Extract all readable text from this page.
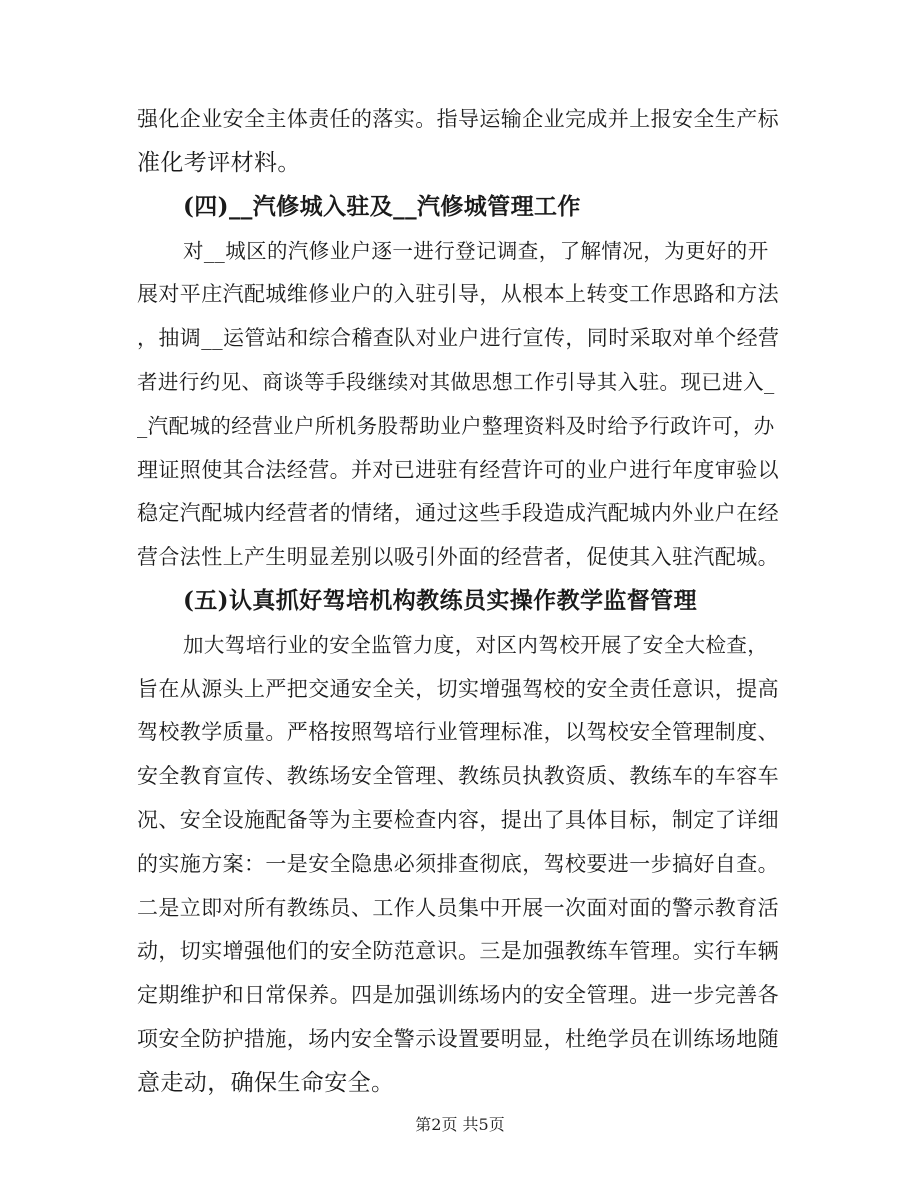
强化企业安全主体责任的落实。指导运输企业完成并上报安全生产标
准化考评材料。
(四)__汽修城入驻及__汽修城管理工作
对__城区的汽修业户逐一进行登记调查，了解情况，为更好的开
展对平庄汽配城维修业户的入驻引导，从根本上转变工作思路和方法
，抽调__运管站和综合稽查队对业户进行宣传，同时采取对单个经营
者进行约见、商谈等手段继续对其做思想工作引导其入驻。现已进入_
_汽配城的经营业户所机务股帮助业户整理资料及时给予行政许可，办
理证照使其合法经营。并对已进驻有经营许可的业户进行年度审验以
稳定汽配城内经营者的情绪，通过这些手段造成汽配城内外业户在经
营合法性上产生明显差别以吸引外面的经营者，促使其入驻汽配城。
(五)认真抓好驾培机构教练员实操作教学监督管理
加大驾培行业的安全监管力度，对区内驾校开展了安全大检查，
旨在从源头上严把交通安全关，切实增强驾校的安全责任意识，提高
驾校教学质量。严格按照驾培行业管理标准，以驾校安全管理制度、
安全教育宣传、教练场安全管理、教练员执教资质、教练车的车容车
况、安全设施配备等为主要检查内容，提出了具体目标，制定了详细
的实施方案：一是安全隐患必须排查彻底，驾校要进一步搞好自查。
二是立即对所有教练员、工作人员集中开展一次面对面的警示教育活
动，切实增强他们的安全防范意识。三是加强教练车管理。实行车辆
定期维护和日常保养。四是加强训练场内的安全管理。进一步完善各
项安全防护措施，场内安全警示设置要明显，杜绝学员在训练场地随
意走动，确保生命安全。
第2页 共5页
